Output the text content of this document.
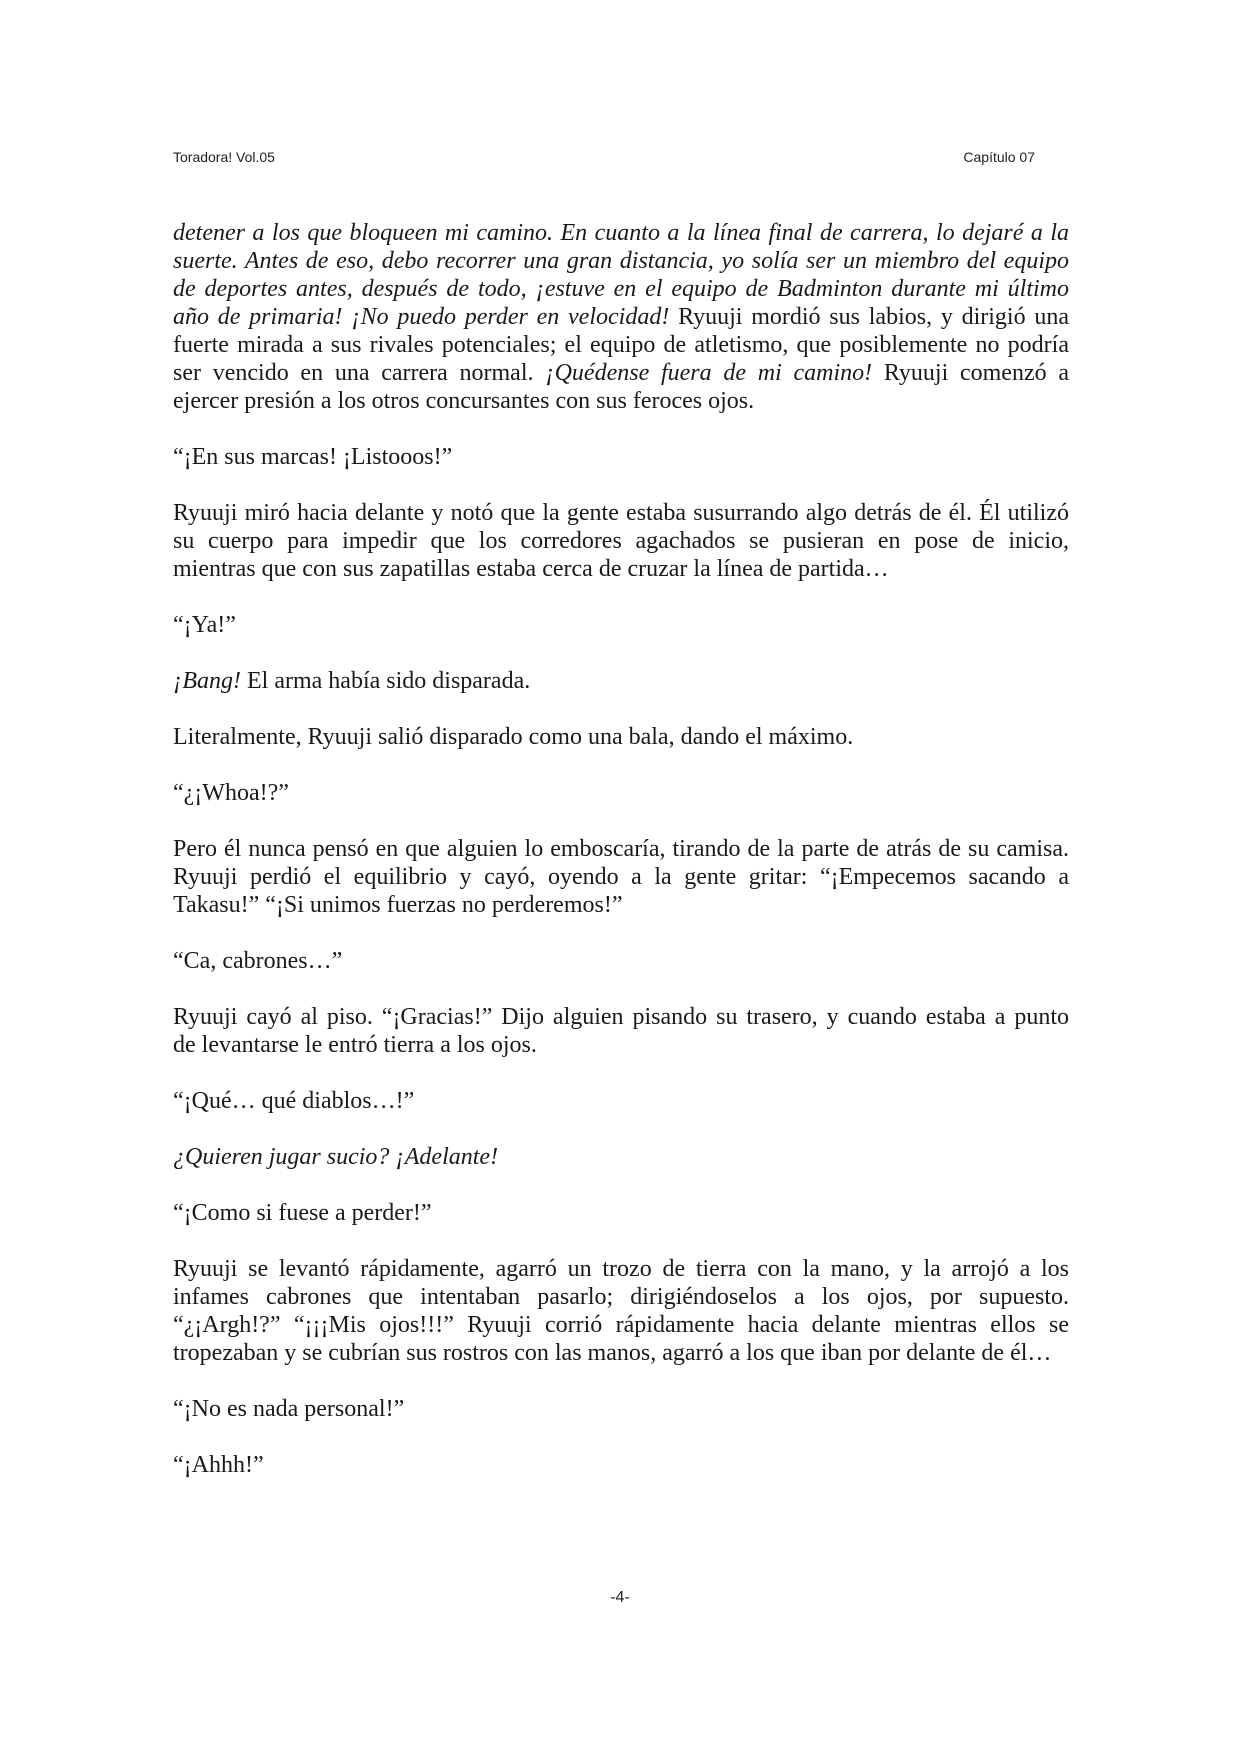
Toradora! Vol.05	Capítulo 07
detener a los que bloqueen mi camino. En cuanto a la línea final de carrera, lo dejaré a la
suerte. Antes de eso, debo recorrer una gran distancia, yo solía ser un miembro del equipo
de deportes antes, después de todo, ¡estuve en el equipo de Badminton durante mi último
año de primaria! ¡No puedo perder en velocidad! Ryuuji mordió sus labios, y dirigió una
fuerte mirada a sus rivales potenciales; el equipo de atletismo, que posiblemente no podría
ser vencido en una carrera normal. ¡Quédense fuera de mi camino! Ryuuji comenzó a
ejercer presión a los otros concursantes con sus feroces ojos.
“¡En sus marcas! ¡Listooos!”
Ryuuji miró hacia delante y notó que la gente estaba susurrando algo detrás de él. Él utilizó
su cuerpo para impedir que los corredores agachados se pusieran en pose de inicio,
mientras que con sus zapatillas estaba cerca de cruzar la línea de partida…
“¡Ya!”
¡Bang! El arma había sido disparada.
Literalmente, Ryuuji salió disparado como una bala, dando el máximo.
“¿¡Whoa!?”
Pero él nunca pensó en que alguien lo emboscaría, tirando de la parte de atrás de su camisa.
Ryuuji perdió el equilibrio y cayó, oyendo a la gente gritar: “¡Empecemos sacando a
Takasu!” “¡Si unimos fuerzas no perderemos!”
“Ca, cabrones…”
Ryuuji cayó al piso. “¡Gracias!” Dijo alguien pisando su trasero, y cuando estaba a punto
de levantarse le entró tierra a los ojos.
“¡Qué… qué diablos…!”
¿Quieren jugar sucio? ¡Adelante!
“¡Como si fuese a perder!”
Ryuuji se levantó rápidamente, agarró un trozo de tierra con la mano, y la arrojó a los
infames cabrones que intentaban pasarlo; dirigiéndoselos a los ojos, por supuesto.
“¿¡Argh!?” “¡¡¡Mis ojos!!!” Ryuuji corrió rápidamente hacia delante mientras ellos se
tropezaban y se cubrían sus rostros con las manos, agarró a los que iban por delante de él…
“¡No es nada personal!”
“¡Ahhh!”
-4-
